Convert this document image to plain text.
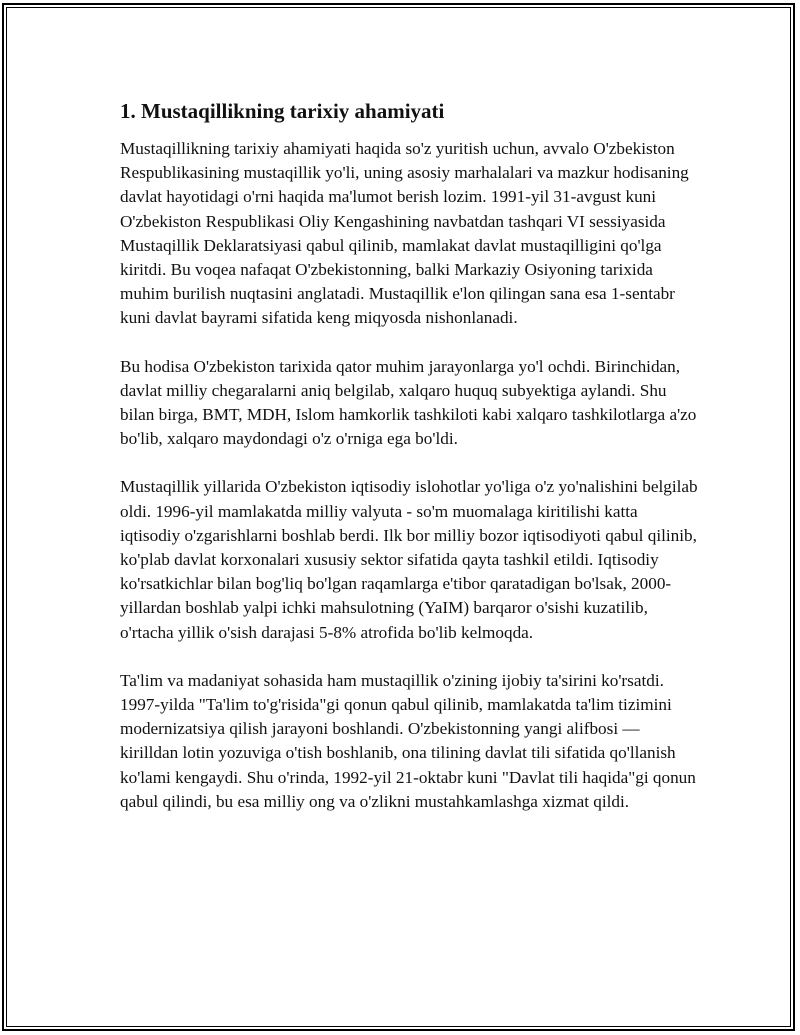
1. Mustaqillikning tarixiy ahamiyati

Mustaqillikning tarixiy ahamiyati haqida so'z yuritish uchun, avvalo O'zbekiston Respublikasining mustaqillik yo'li, uning asosiy marhalalari va mazkur hodisaning davlat hayotidagi o'rni haqida ma'lumot berish lozim. 1991-yil 31-avgust kuni O'zbekiston Respublikasi Oliy Kengashining navbatdan tashqari VI sessiyasida Mustaqillik Deklaratsiyasi qabul qilinib, mamlakat davlat mustaqilligini qo'lga kiritdi. Bu voqea nafaqat O'zbekistonning, balki Markaziy Osiyoning tarixida muhim burilish nuqtasini anglatadi. Mustaqillik e'lon qilingan sana esa 1-sentabr kuni davlat bayrami sifatida keng miqyosda nishonlanadi.

Bu hodisa O'zbekiston tarixida qator muhim jarayonlarga yo'l ochdi. Birinchidan, davlat milliy chegaralarni aniq belgilab, xalqaro huquq subyektiga aylandi. Shu bilan birga, BMT, MDH, Islom hamkorlik tashkiloti kabi xalqaro tashkilotlarga a'zo bo'lib, xalqaro maydondagi o'z o'rniga ega bo'ldi.

Mustaqillik yillarida O'zbekiston iqtisodiy islohotlar yo'liga o'z yo'nalishini belgilab oldi. 1996-yil mamlakatda milliy valyuta - so'm muomalaga kiritilishi katta iqtisodiy o'zgarishlarni boshlab berdi. Ilk bor milliy bozor iqtisodiyoti qabul qilinib, ko'plab davlat korxonalari xususiy sektor sifatida qayta tashkil etildi. Iqtisodiy ko'rsatkichlar bilan bog'liq bo'lgan raqamlarga e'tibor qaratadigan bo'lsak, 2000-yillardan boshlab yalpi ichki mahsulotning (YaIM) barqaror o'sishi kuzatilib, o'rtacha yillik o'sish darajasi 5-8% atrofida bo'lib kelmoqda.

Ta'lim va madaniyat sohasida ham mustaqillik o'zining ijobiy ta'sirini ko'rsatdi. 1997-yilda "Ta'lim to'g'risida"gi qonun qabul qilinib, mamlakatda ta'lim tizimini modernizatsiya qilish jarayoni boshlandi. O'zbekistonning yangi alifbosi — kirilldan lotin yozuviga o'tish boshlanib, ona tilining davlat tili sifatida qo'llanish ko'lami kengaydi. Shu o'rinda, 1992-yil 21-oktabr kuni "Davlat tili haqida"gi qonun qabul qilindi, bu esa milliy ong va o'zlikni mustahkamlashga xizmat qildi.
